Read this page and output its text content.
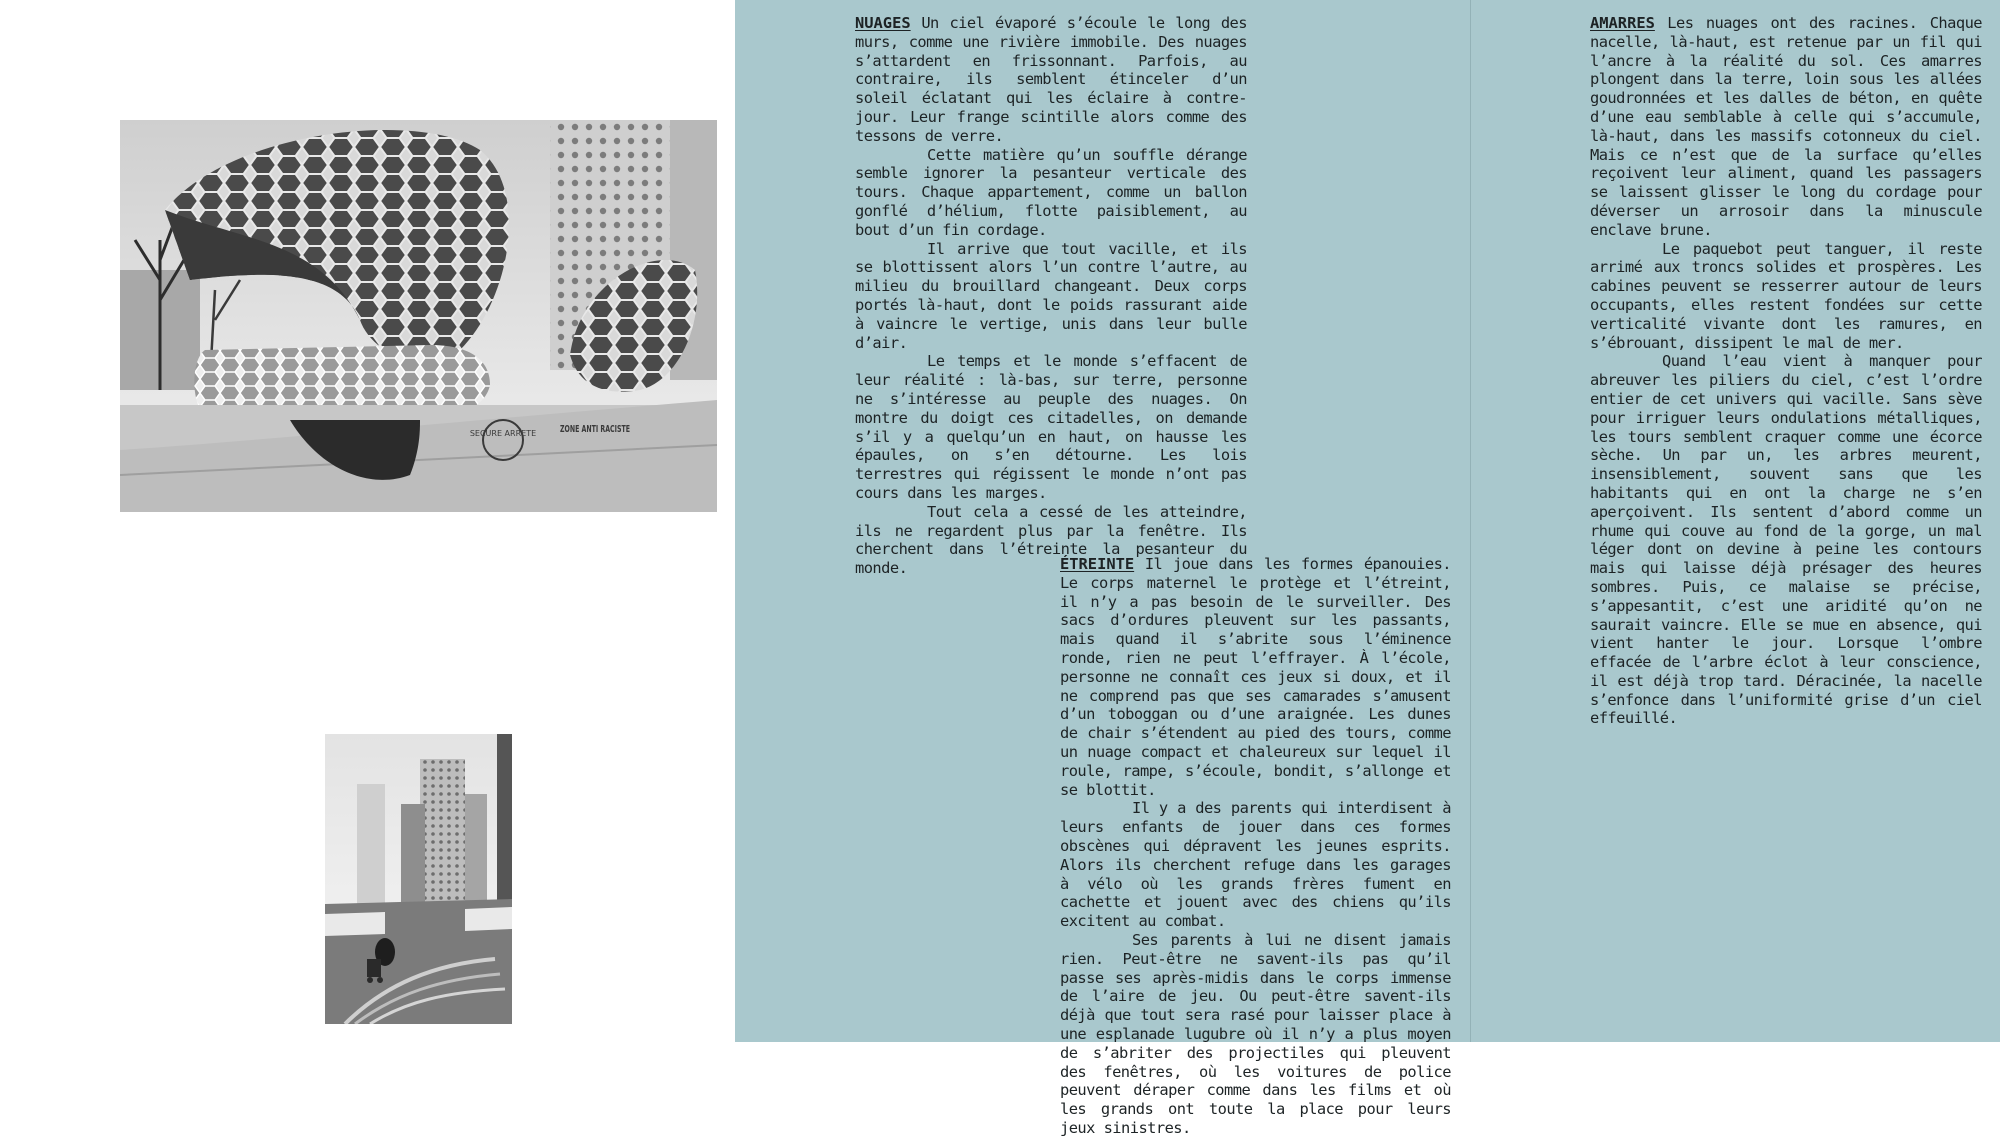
SECURE ARRETE ZONE ANTI RACISTE

NUAGES Un ciel évaporé s’écoule le long des murs, comme une rivière immobile. Des nuages s’attardent en frissonnant. Parfois, au contraire, ils semblent étinceler d’un soleil éclatant qui les éclaire à contre-jour. Leur frange scintille alors comme des tessons de verre.

Cette matière qu’un souffle dérange semble ignorer la pesanteur verticale des tours. Chaque appartement, comme un ballon gonflé d’hélium, flotte paisiblement, au bout d’un fin cordage.

Il arrive que tout vacille, et ils se blottissent alors l’un contre l’autre, au milieu du brouillard changeant. Deux corps portés là-haut, dont le poids rassurant aide à vaincre le vertige, unis dans leur bulle d’air.

Le temps et le monde s’effacent de leur réalité : là-bas, sur terre, personne ne s’intéresse au peuple des nuages. On montre du doigt ces citadelles, on demande s’il y a quelqu’un en haut, on hausse les épaules, on s’en détourne. Les lois terrestres qui régissent le monde n’ont pas cours dans les marges.

Tout cela a cessé de les atteindre, ils ne regardent plus par la fenêtre. Ils cherchent dans l’étreinte la pesanteur du monde.	ÉTREINTE Il joue dans les formes épanouies. Le corps maternel le protège et l’étreint, il n’y a pas besoin de le surveiller. Des sacs d’ordures pleuvent sur les passants, mais quand il s’abrite sous l’éminence ronde, rien ne peut l’effrayer. À l’école, personne ne connaît ces jeux si doux, et il ne comprend pas que ses camarades s’amusent d’un toboggan ou d’une araignée. Les dunes de chair s’étendent au pied des tours, comme un nuage compact et chaleureux sur lequel il roule, rampe, s’écoule, bondit, s’allonge et se blottit.

Il y a des parents qui interdisent à leurs enfants de jouer dans ces formes obscènes qui dépravent les jeunes esprits. Alors ils cherchent refuge dans les garages à vélo où les grands frères fument en cachette et jouent avec des chiens qu’ils excitent au combat.

Ses parents à lui ne disent jamais rien. Peut-être ne savent-ils pas qu’il passe ses après-midis dans le corps immense de l’aire de jeu. Ou peut-être savent-ils déjà que tout sera rasé pour laisser place à une esplanade lugubre où il n’y a plus moyen de s’abriter des projectiles qui pleuvent des fenêtres, où les voitures de police peuvent déraper comme dans les films et où les grands ont toute la place pour leurs jeux sinistres.

AMARRES Les nuages ont des racines. Chaque nacelle, là-haut, est retenue par un fil qui l’ancre à la réalité du sol. Ces amarres plongent dans la terre, loin sous les allées goudronnées et les dalles de béton, en quête d’une eau semblable à celle qui s’accumule, là-haut, dans les massifs cotonneux du ciel. Mais ce n’est que de la surface qu’elles reçoivent leur aliment, quand les passagers se laissent glisser le long du cordage pour déverser un arrosoir dans la minuscule enclave brune.

Le paquebot peut tanguer, il reste arrimé aux troncs solides et prospères. Les cabines peuvent se resserrer autour de leurs occupants, elles restent fondées sur cette verticalité vivante dont les ramures, en s’ébrouant, dissipent le mal de mer.

Quand l’eau vient à manquer pour abreuver les piliers du ciel, c’est l’ordre entier de cet univers qui vacille. Sans sève pour irriguer leurs ondulations métalliques, les tours semblent craquer comme une écorce sèche. Un par un, les arbres meurent, insensiblement, souvent sans que les habitants qui en ont la charge ne s’en aperçoivent. Ils sentent d’abord comme un rhume qui couve au fond de la gorge, un mal léger dont on devine à peine les contours mais qui laisse déjà présager des heures sombres. Puis, ce malaise se précise, s’appesantit, c’est une aridité qu’on ne saurait vaincre. Elle se mue en absence, qui vient hanter le jour. Lorsque l’ombre effacée de l’arbre éclot à leur conscience, il est déjà trop tard. Déracinée, la nacelle s’enfonce dans l’uniformité grise d’un ciel effeuillé.
